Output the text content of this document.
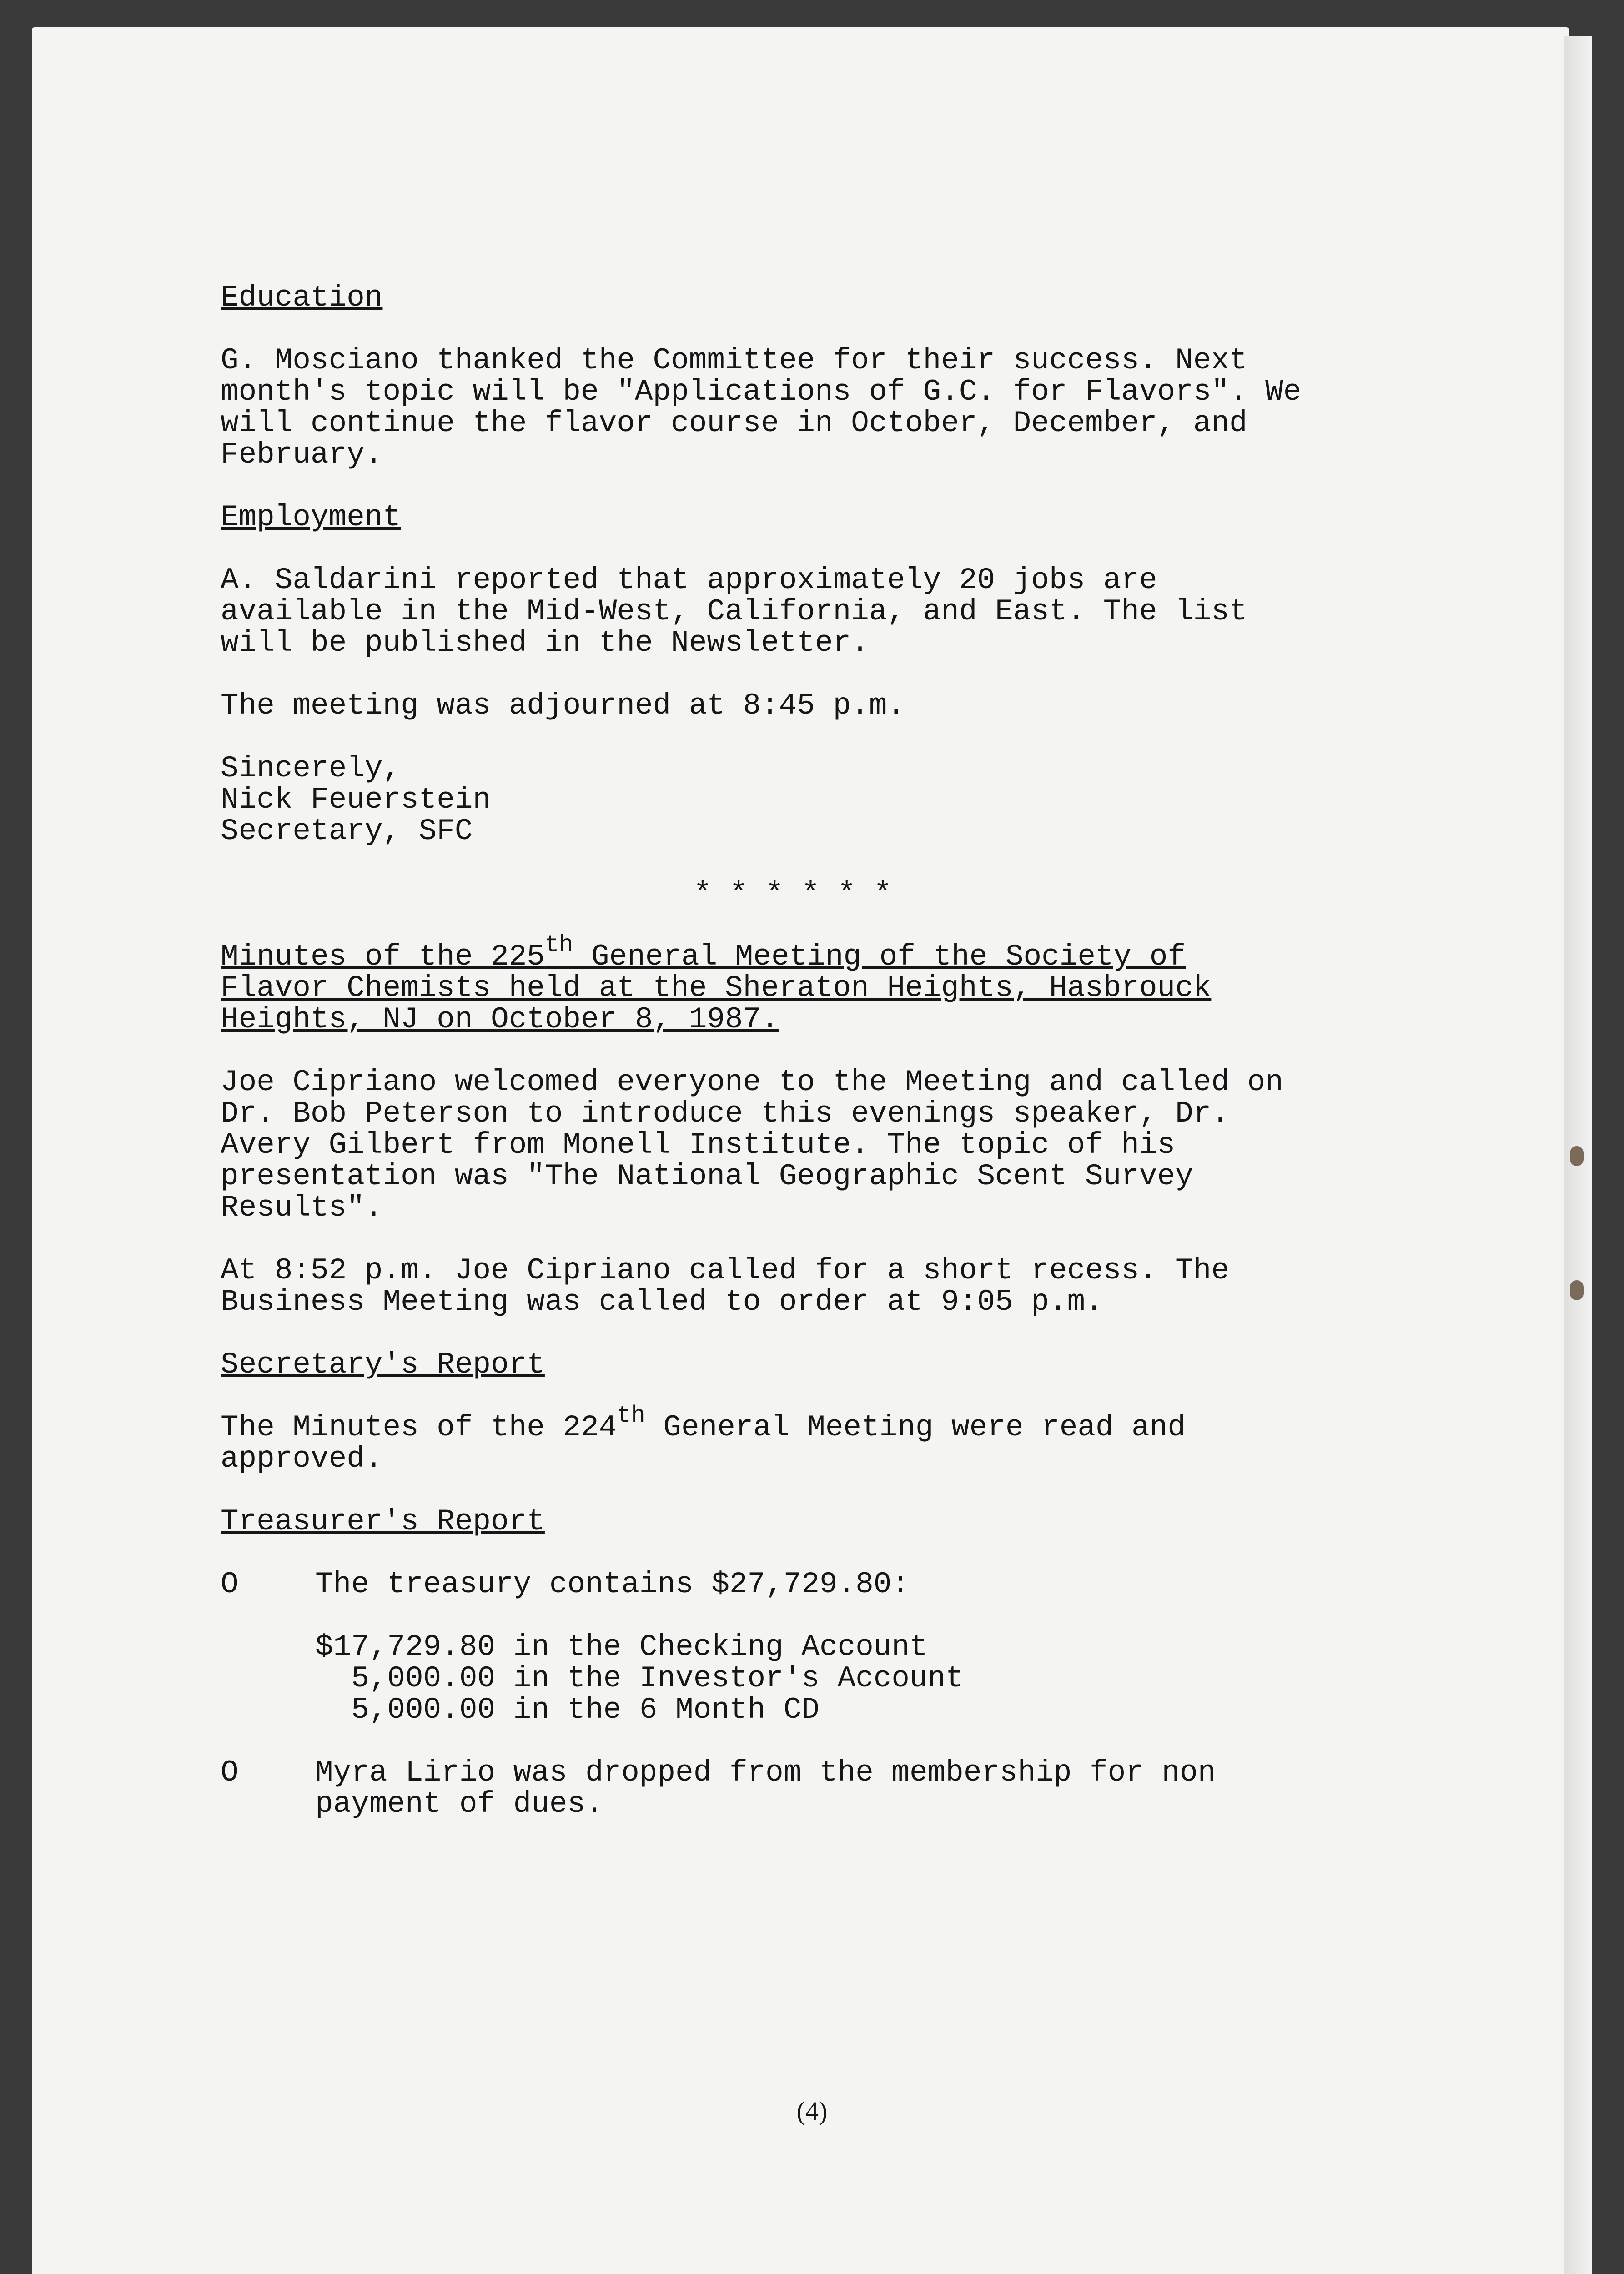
Education

G. Mosciano thanked the Committee for their success. Next
month's topic will be "Applications of G.C. for Flavors". We
will continue the flavor course in October, December, and
February.

Employment

A. Saldarini reported that approximately 20 jobs are
available in the Mid-West, California, and East. The list
will be published in the Newsletter.

The meeting was adjourned at 8:45 p.m.

Sincerely,
Nick Feuerstein
Secretary, SFC
* * * * * *

Minutes of the 225th General Meeting of the Society of
Flavor Chemists held at the Sheraton Heights, Hasbrouck
Heights, NJ on October 8, 1987.

Joe Cipriano welcomed everyone to the Meeting and called on
Dr. Bob Peterson to introduce this evenings speaker, Dr.
Avery Gilbert from Monell Institute. The topic of his
presentation was "The National Geographic Scent Survey
Results".

At 8:52 p.m. Joe Cipriano called for a short recess. The
Business Meeting was called to order at 9:05 p.m.

Secretary's Report

The Minutes of the 224th General Meeting were read and
approved.

Treasurer's Report

O	The treasury contains $27,729.80:
$17,729.80 in the Checking Account
5,000.00 in the Investor's Account
5,000.00 in the 6 Month CD
O	Myra Lirio was dropped from the membership for non
payment of dues.
(4)
